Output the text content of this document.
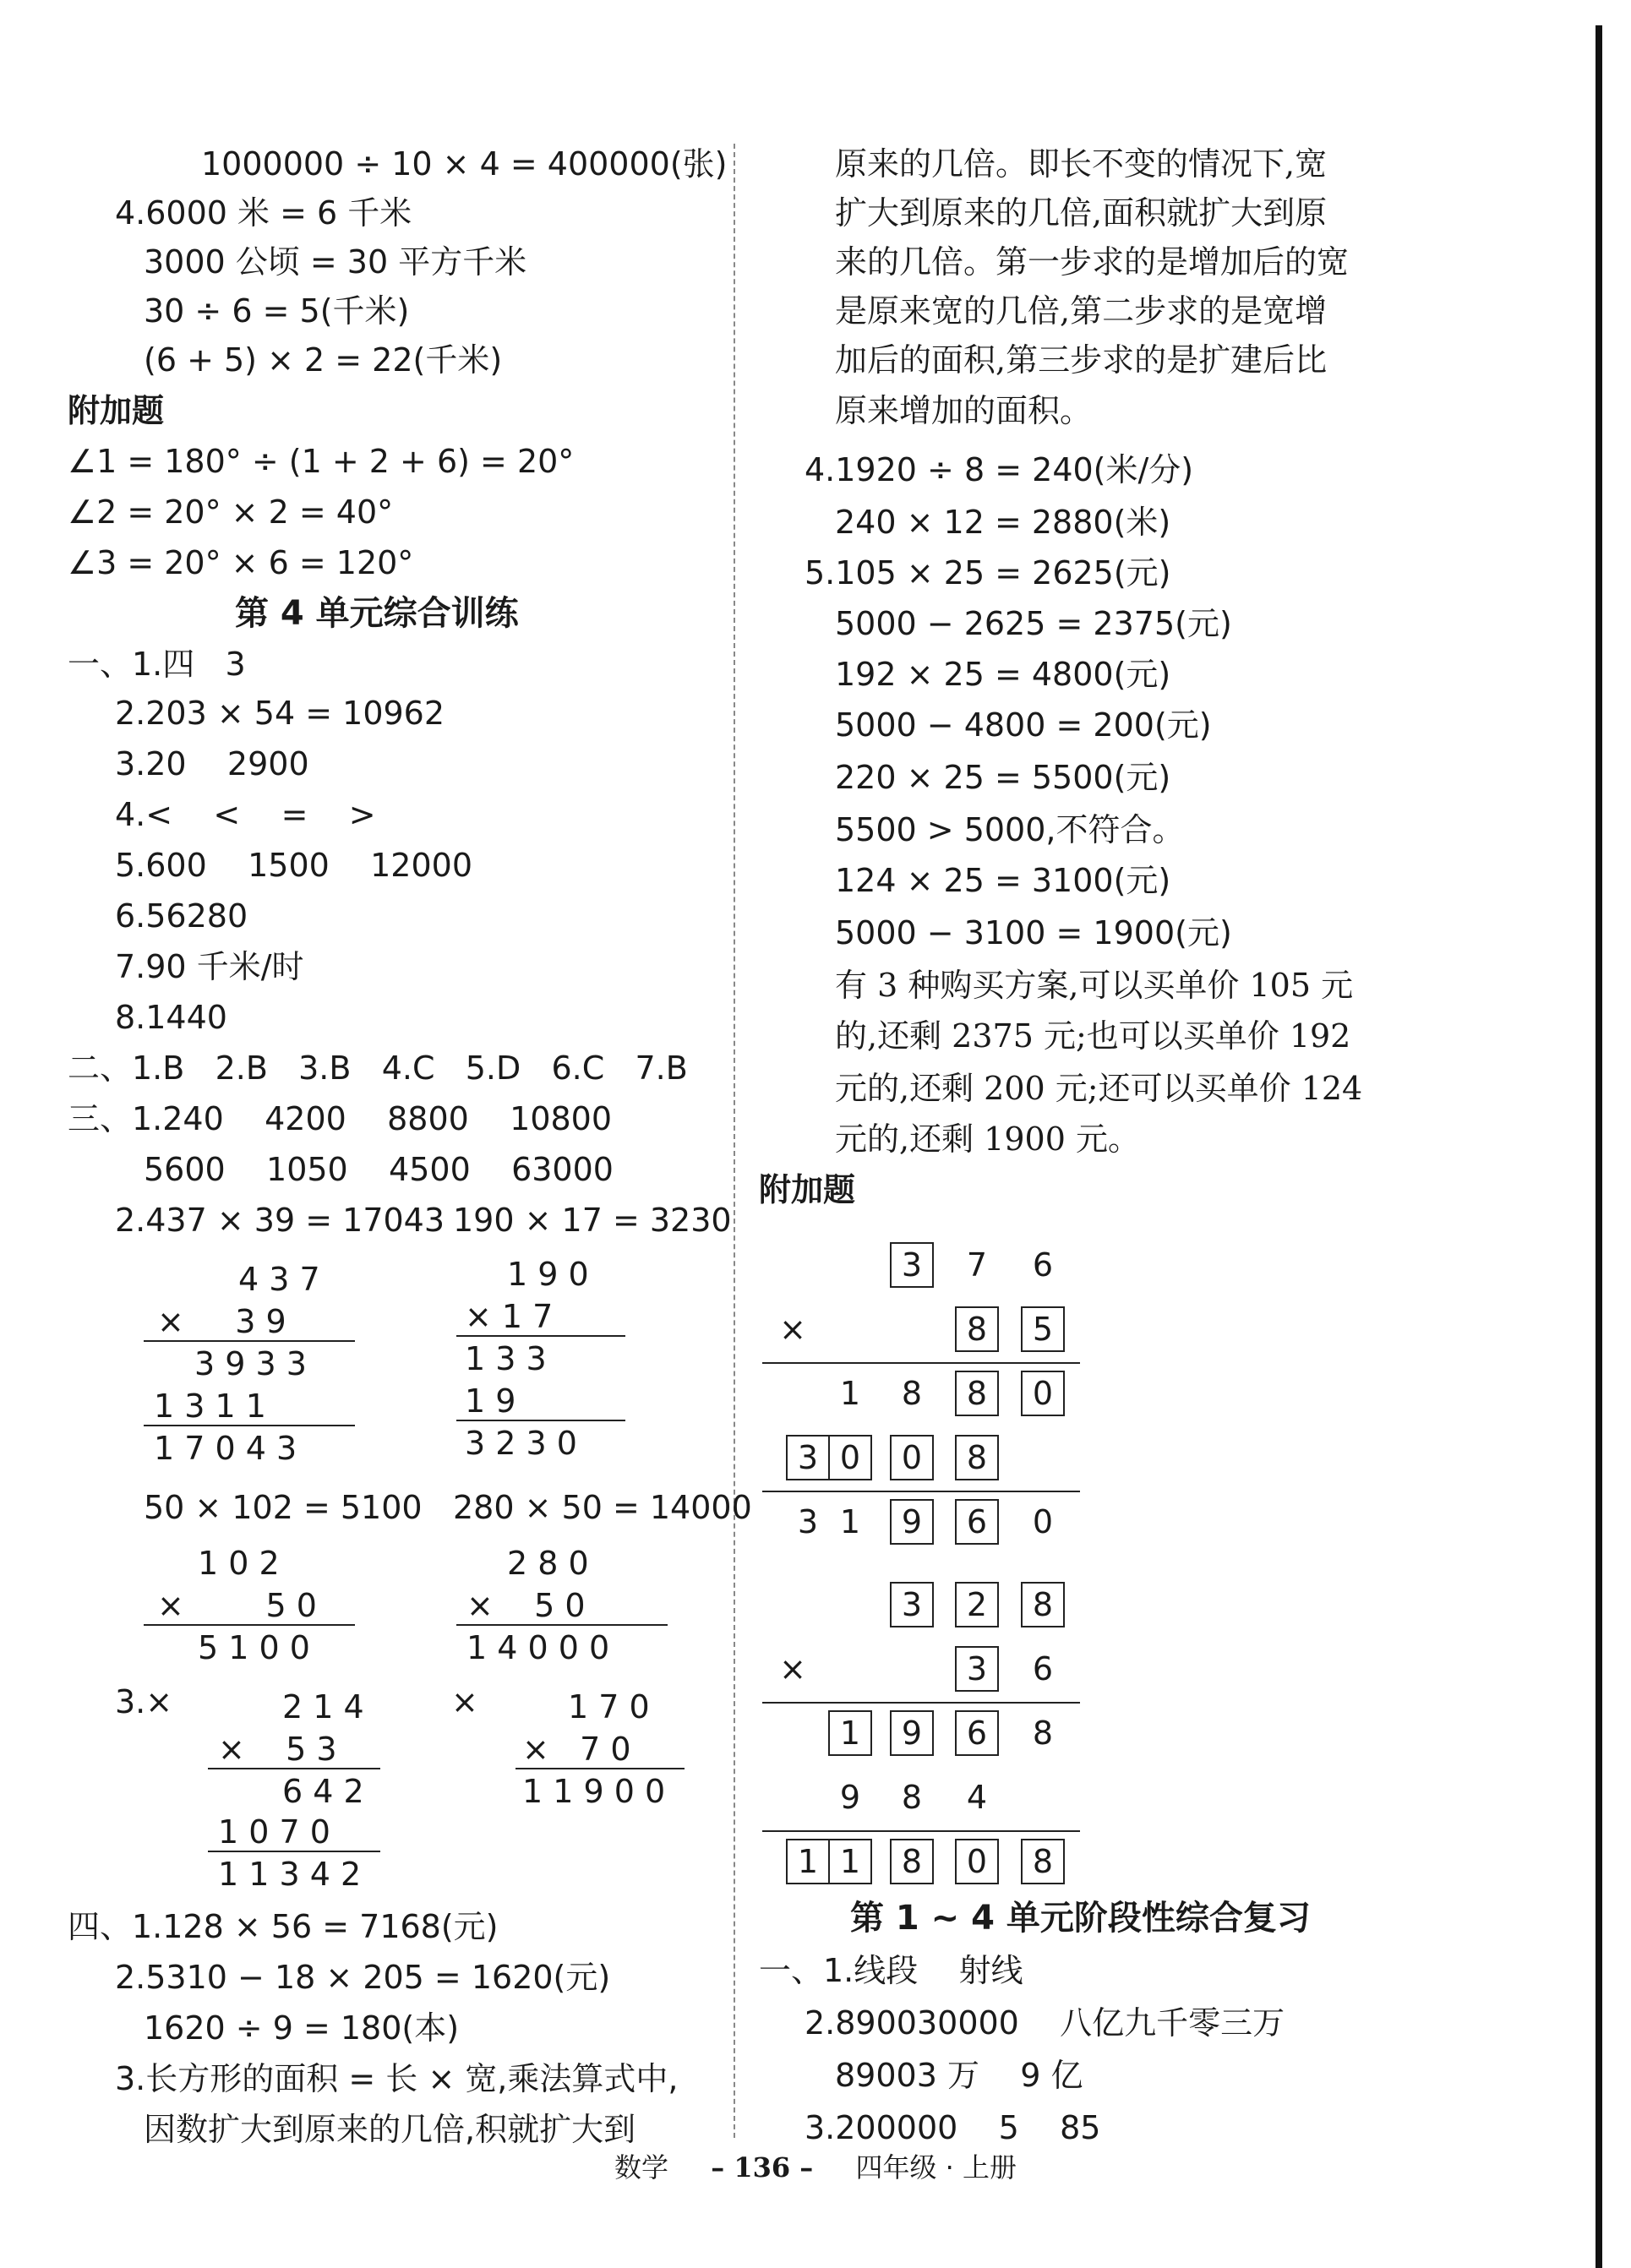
1000000 ÷ 10 × 4 = 400000(张)
4.6000 米 = 6 千米
3000 公顷 = 30 平方千米
30 ÷ 6 = 5(千米)
(6 + 5) × 2 = 22(千米)
附加题
∠1 = 180° ÷ (1 + 2 + 6) = 20°
∠2 = 20° × 2 = 40°
∠3 = 20° × 6 = 120°
第 4 单元综合训练
一、1.四   3
2.203 × 54 = 10962
3.20    2900
4.<    <    =    >
5.600    1500    12000
6.56280
7.90 千米/时
8.1440
二、1.B   2.B   3.B   4.C   5.D   6.C   7.B
三、1.240    4200    8800    10800
5600    1050    4500    63000
2.437 × 39 = 17043 190 × 17 = 3230
4 3 7
×     3 9
3 9 3 3
1 3 1 1
1 7 0 4 3
1 9 0
× 1 7
1 3 3
1 9
3 2 3 0
50 × 102 = 5100 280 × 50 = 14000
1 0 2
×        5 0
5 1 0 0
2 8 0
×    5 0
1 4 0 0 0
3.×	×
2 1 4
×    5 3
6 4 2
1 0 7 0
1 1 3 4 2
1 7 0
×   7 0
1 1 9 0 0
四、1.128 × 56 = 7168(元)
2.5310 − 18 × 205 = 1620(元)
1620 ÷ 9 = 180(本)
3.长方形的面积 = 长 × 宽,乘法算式中,
因数扩大到原来的几倍,积就扩大到
原来的几倍。即长不变的情况下,宽
扩大到原来的几倍,面积就扩大到原
来的几倍。第一步求的是增加后的宽
是原来宽的几倍,第二步求的是宽增
加后的面积,第三步求的是扩建后比
原来增加的面积。
4.1920 ÷ 8 = 240(米/分)
240 × 12 = 2880(米)
5.105 × 25 = 2625(元)
5000 − 2625 = 2375(元)
192 × 25 = 4800(元)
5000 − 4800 = 200(元)
220 × 25 = 5500(元)
5500 > 5000,不符合。
124 × 25 = 3100(元)
5000 − 3100 = 1900(元)
有 3 种购买方案,可以买单价 105 元
的,还剩 2375 元;也可以买单价 192
元的,还剩 200 元;还可以买单价 124
元的,还剩 1900 元。
附加题
第 1 ~ 4 单元阶段性综合复习
一、1.线段    射线
2.890030000    八亿九千零三万
89003 万    9 亿
3.200000    5    85
数学 – 136 – 四年级 · 上册
×
3	7	6
8	5
1	8	8	0
3 0	0	8
3 1	9	6	0
×
3	2	8
3	6
1	9	6	8
9	8	4
1 1	8	0	8
